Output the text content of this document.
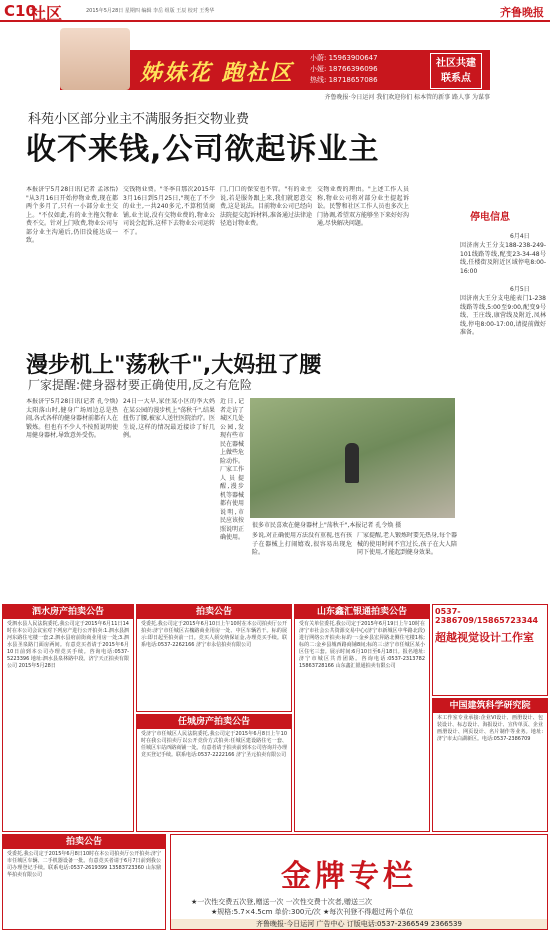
C10
社区	2015年5月28日 星期四 编辑 李岳 组版 王辰 校对 王秀华	齐鲁晚报
姊妹花 跑社区
小蔚: 15963900647
小娅: 18766396096
热线: 18718657086
社区共建联系点
齐鲁晚报·今日运河 我们欢迎你们 标本管的新事 路人事 为谋事
科苑小区部分业主不满服务拒交物业费
收不来钱,公司欲起诉业主
本报济宁5月28日讯(记者 孟冰怡) "从3月16日开始停物业费,现在都两个多月了,只有一小部分业主交上。"不仅如此,有的业主拖欠物业费不交。针对上门收费,物业公司与部分业主沟通后,仍旧没能达成一致。
交钱物业费。"冬季自那次2015年3月16日到5月25日,"现在了不少的业主,一共240多元,不算租赁商铺,业主说,没有交物业费的,物业公司说会起诉,这样下去物业公司运转不了。
门,门口的保安也不管。"有的业主说,若是服务跟上来,我们就愿意交费,这是说法。目前物业公司已经向法院提交起诉材料,准备通过法律途径追讨物业费。
交物业费的理由。"上述工作人员称,物业公司将对部分业主提起诉讼。民警和社区工作人员也多次上门协调,希望双方能够坐下来好好沟通,尽快解决问题。
停电信息
6月4日
因济南大王分支188-238-249-101线路等线,配变23-34-48号线,任楼街及附近区域停电8:00-16:00
6月5日
因济南大王分支电能表门1-238线路等线,5:00至9:00,配变9号线、王庄线,康营线及附近,凤林线,停电8:00-17:00,请提前做好准备。
漫步机上"荡秋千",大妈扭了腰
厂家提醒:健身器材要正确使用,反之有危险
本报济宁5月28日讯(记者 孔令焕) 太阳落山时,健身广场周边总是热闹,各式各样的健身器材前都有人在锻炼。但也有不少人不按照说明使用健身器材,导致意外受伤。
24日一大早,家住某小区的李大妈在某公园的漫步机上"荡秋千",结果扭伤了腰,被家人送往医院治疗。医生说,这样的情况最近接诊了好几例。
近日,记者走访了城区几处公园,发现有些市民在器械上做些危险动作。厂家工作人员提醒,漫步机等器械都有使用说明,市民应该按照说明正确使用。
很多市民喜欢在健身器材上"荡秋千",本报记者 孔令焕 摄
多说,对正确使用方法没有重视,也有孩子在器械上打闹嬉戏,很容易出现危险。
厂家提醒,老人锻炼时要先热身,每个器械的使用时间不宜过长,孩子在大人陪同下使用,才能起到健身效果。
泗水房产拍卖公告
受泗水县人民法院委托,我公司定于2015年6月11日14时在本公司会议室对下列房产进行公开拍卖:1.泗水县泗河东路住宅楼一套;2.泗水县府前街商业用房一处;3.泗水县圣泉路门面房两间。有意竞买者请于2015年6月10日前到本公司办理竞买手续。咨询电话:0537-5223396 地址:泗水县泉林路中段。济宁天正拍卖有限公司 2015年5月28日
拍卖公告
受委托,我公司定于2015年6月10日上午10时在本公司拍卖厅公开拍卖:济宁市任城区古槐路商业用房一处、中区车辆若干。标的展示:即日起至拍卖前一日。竞买人须交纳保证金,办理竞买手续。联系电话:0537-2262166 济宁市永信拍卖有限公司
任城房产拍卖公告
受济宁市任城区人民法院委托,我公司定于2015年6月8日上午10时在我公司拍卖厅以公开竞价方式拍卖:任城区建设路住宅一套、任城区车站西路商铺一处。有意者请于拍卖前到本公司咨询并办理竞买登记手续。联系电话:0537-2222166 济宁圣元拍卖有限公司
山东鑫汇银通拍卖公告
受有关单位委托,我公司定于2015年6月19日上午10时在济宁市社会公共资源交易中心(济宁市新城区中华路北段)进行网络公开拍卖:标的一:金乡县宏昇路北侧住宅楼1栋;标的二:金乡县城西路商铺8间;标的三:济宁市任城区某小区住宅三套。展示时间:6月10日至6月18日。报名地址:济宁市城区共青团路。咨询电话:0537-2313782 15863728166 山东鑫汇银通拍卖有限公司
0537-2386709/15865723344
超越视觉设计工作室
中国建筑科学研究院
本工作室专业承接:企业VI设计、画册设计、包装设计、标志设计、海报设计、宣传单页、企业画册设计、网页设计、名片制作等业务。地址:济宁市太白湖新区。电话:0537-2386709
拍卖公告
受委托,我公司定于2015年6月8日10时在本公司拍卖厅公开拍卖:济宁市任城区车辆、二手机器设备一批。有意竞买者请于6月7日前到我公司办理登记手续。联系电话:0537-2619399 13583723360 山东鼎华拍卖有限公司	金牌专栏
★一次性交费五次登,赠送一次 一次性交费十次者,赠送三次
★规格:5.7×4.5cm 单价:300元/次 ★每次刊登不得超过两个单位
齐鲁晚报·今日运河 广告中心 订版电话:0537-2366549 2366539
